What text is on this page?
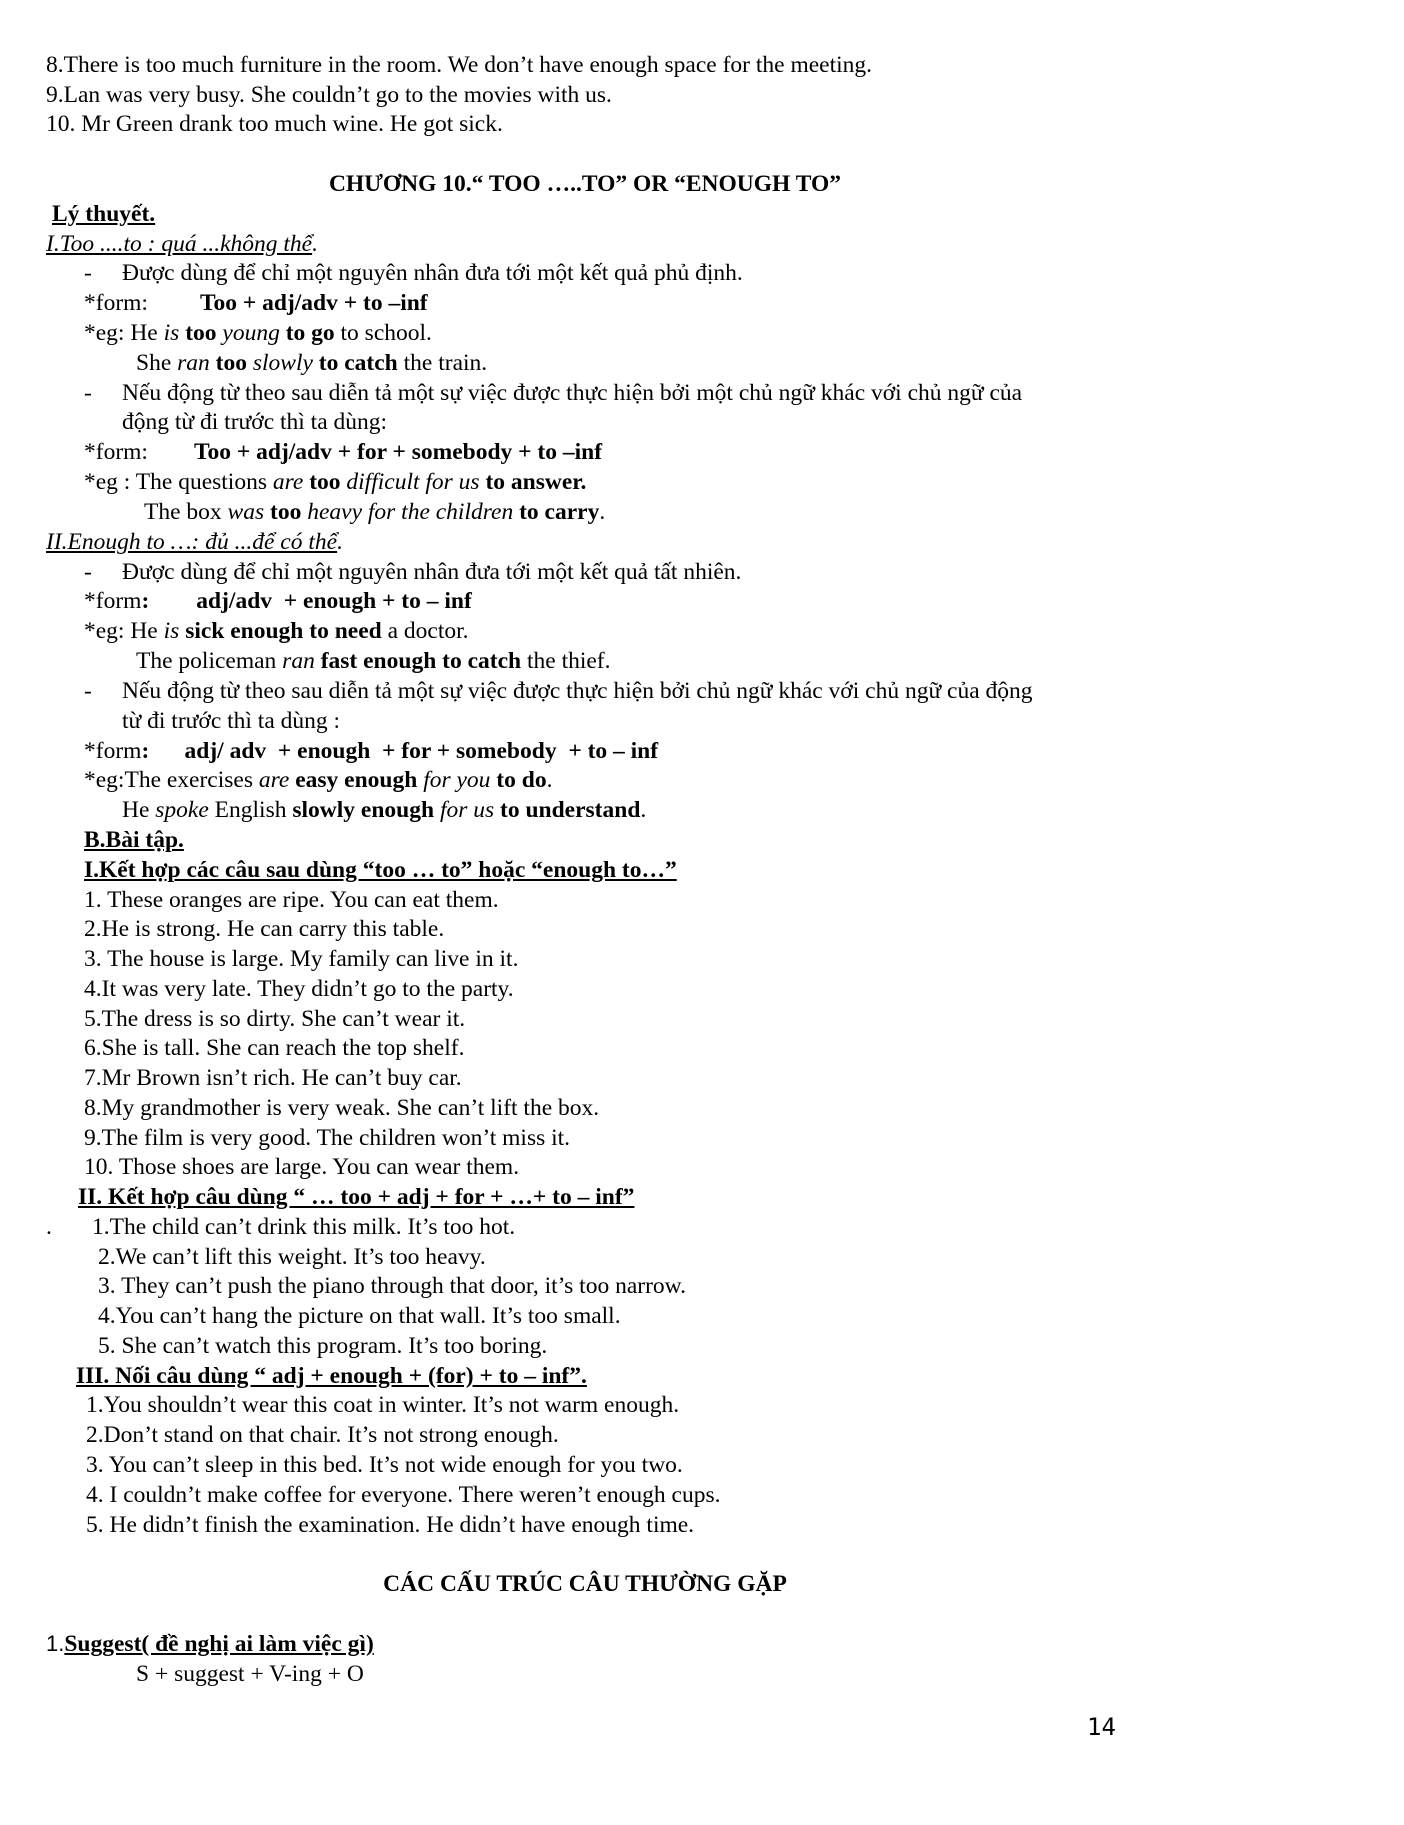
8.There is too much furniture in the room. We don’t have enough space for the meeting.
9.Lan was very busy. She couldn’t go to the movies with us.
10. Mr Green drank too much wine. He got sick.
CHƯƠNG 10.“ TOO …..TO” OR “ENOUGH TO”
Lý thuyết.
I.Too ....to : quá ...không thể.
- Được dùng để chỉ một nguyên nhân đưa tới một kết quả phủ định.
*form: Too + adj/adv + to –inf
*eg: He is too young to go to school.
She ran too slowly to catch the train.
- Nếu động từ theo sau diễn tả một sự việc được thực hiện bởi một chủ ngữ khác với chủ ngữ của
động từ đi trước thì ta dùng:
*form: Too + adj/adv + for + somebody + to –inf
*eg : The questions are too difficult for us to answer.
The box was too heavy for the children to carry.
II.Enough to …: đủ ...để có thể.
- Được dùng để chỉ một nguyên nhân đưa tới một kết quả tất nhiên.
*form:        adj/adv  + enough + to – inf
*eg: He is sick enough to need a doctor.
The policeman ran fast enough to catch the thief.
- Nếu động từ theo sau diễn tả một sự việc được thực hiện bởi chủ ngữ khác với chủ ngữ của động
từ đi trước thì ta dùng :
*form:      adj/ adv  + enough  + for + somebody  + to – inf
*eg:The exercises are easy enough for you to do.
He spoke English slowly enough for us to understand.
B.Bài tập.
I.Kết hợp các câu sau dùng “too … to” hoặc “enough to…”
1. These oranges are ripe. You can eat them.
2.He is strong. He can carry this table.
3. The house is large. My family can live in it.
4.It was very late. They didn’t go to the party.
5.The dress is so dirty. She can’t wear it.
6.She is tall. She can reach the top shelf.
7.Mr Brown isn’t rich. He can’t buy car.
8.My grandmother is very weak. She can’t lift the box.
9.The film is very good. The children won’t miss it.
10. Those shoes are large. You can wear them.
II. Kết hợp câu dùng “ … too + adj + for + …+ to – inf”
. 1.The child can’t drink this milk. It’s too hot.
2.We can’t lift this weight. It’s too heavy.
3. They can’t push the piano through that door, it’s too narrow.
4.You can’t hang the picture on that wall. It’s too small.
5. She can’t watch this program. It’s too boring.
III. Nối câu dùng “ adj + enough + (for) + to – inf”.
1.You shouldn’t wear this coat in winter. It’s not warm enough.
2.Don’t stand on that chair. It’s not strong enough.
3. You can’t sleep in this bed. It’s not wide enough for you two.
4. I couldn’t make coffee for everyone. There weren’t enough cups.
5. He didn’t finish the examination. He didn’t have enough time.
CÁC CẤU TRÚC CÂU THƯỜNG GẶP
1.Suggest( đề nghị ai làm việc gì)
S + suggest + V-ing + O
14
